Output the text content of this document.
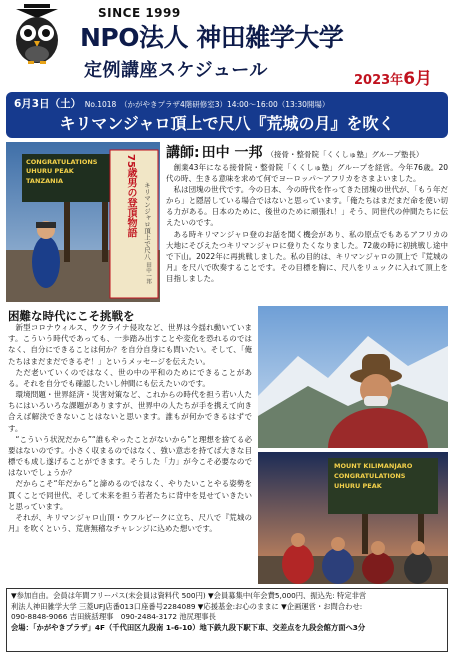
SINCE 1999
NPO法人 神田雑学大学
定例講座スケジュール	2023年6月
6月3日（土） No.1018 （かがやきプラザ4階研修室3）14:00～16:00（13:30開場）
キリマンジャロ頂上で尺八『荒城の月』を吹く
CONGRATULATIONS
UHURU PEAK
TANZANIA	75歳男の登頂物語	キリマンジャロ頂上で尺八
田中一邦
講師: 田中 一邦 （接骨・整骨院「くくしゅ塾」グループ塾長）

創業43年になる接骨院・整骨院「くくしゅ塾」グループを経営。今年76歳。20代の時、生きる意味を求めて何でヨーロッパ～アフリカをさまよいました。

私は団塊の世代です。今の日本、今の時代を作ってきた団塊の世代が、「もう年だから」と隠居している場合ではないと思っています。「俺たちはまだまだ命を使い切る力がある。日本のために、後世のために頑張れ！」そう、同世代の仲間たちに伝えたいのです。

ある時キリマンジャロ登のお話を聞く機会があり、私の原点でもあるアフリカの大地にそびえたつキリマンジャロに登りたくなりました。72歳の時に初挑戦し途中で下山。2022年に再挑戦しました。私の目的は、キリマンジャロの頂上で『荒城の月』を尺八で吹奏することです。その目標を胸に、尺八をリュックに入れて頂上を目指しました。

困難な時代にこそ挑戦を

新型コロナウィルス、ウクライナ侵攻など、世界は今揺れ動いています。こういう時代であっても、一歩踏み出すことや変化を恐れるのではなく、自分にできることは何か？を自分自身にも問いたい。そして、「俺たちはまだまだできるぞ！」というメッセージを伝えたい。

ただ老いていくのではなく、世の中の平和のためにできることがある。それを自分でも確認したいし仲間にも伝えたいのです。

環境問題・世界経済・災害対策など、これからの時代を担う若い人たちにはいろいろな課題がありますが、世界中の人たちが手を携えて向き合えば解決できないことはないと思います。誰もが何かできるはずです。

“こういう状況だから”“誰もやったことがないから”と理想を捨てる必要はないのです。小さく収まるのではなく、強い意志を持てば大きな目標でも成し遂げることができます。そうした「力」が今こそ必要なのではないでしょうか？

だからこそ“年だから”と諦めるのではなく、やりたいことやる姿勢を貫くことで同世代、そして未来を担う若者たちに背中を見せていきたいと思っています。

それが、キリマンジャロ山頂・ウフルピークに立ち、尺八で『荒城の月』を吹くという、荒唐無稽なチャレンジに込めた想いです。

MOUNT KILIMANJARO
CONGRATULATIONS
UHURU PEAK
▼参加自由。会員は年間フリーパス(未会員は資料代 500円) ▼会員募集中(年会費5,000円、振込先: 特定非営
利法人神田雑学大学 三菱UFJ店番013口座番号2284089 ▼応援基金:お心のままに ▼企画運営・お問合わせ:
090-8848-9066 吉田統括理事　090-2484-3172 池尻理事長
会場：「かがやきプラザ」4F（千代田区九段南 1-6-10）地下鉄九段下駅下車、交差点を九段会館方面へ3分
